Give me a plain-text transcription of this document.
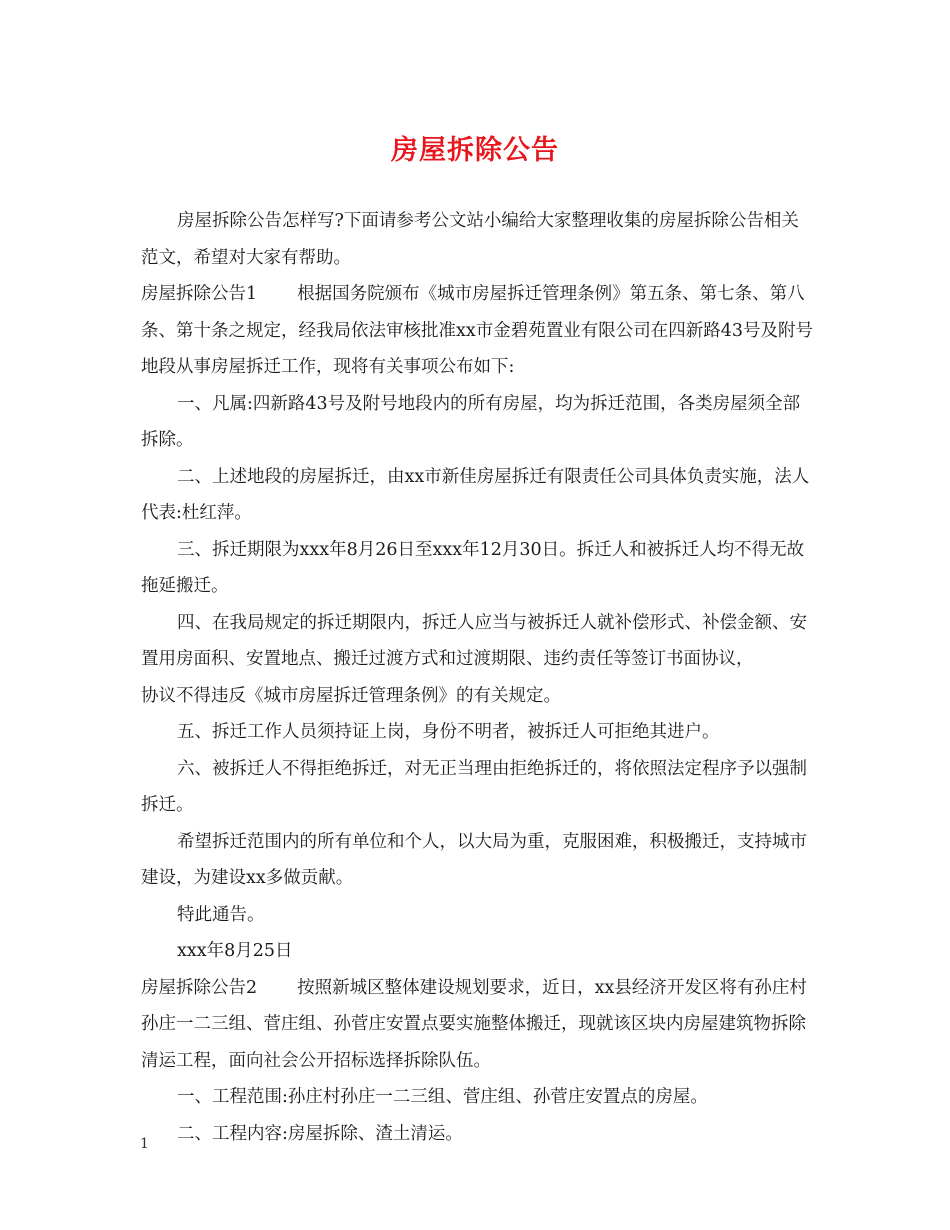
房屋拆除公告

房屋拆除公告怎样写?下面请参考公文站小编给大家整理收集的房屋拆除公告相关范文，希望对大家有帮助。

房屋拆除公告1 根据国务院颁布《城市房屋拆迁管理条例》第五条、第七条、第八条、第十条之规定，经我局依法审核批准xx市金碧苑置业有限公司在四新路43号及附号地段从事房屋拆迁工作，现将有关事项公布如下:

一、凡属:四新路43号及附号地段内的所有房屋，均为拆迁范围，各类房屋须全部拆除。

二、上述地段的房屋拆迁，由xx市新佳房屋拆迁有限责任公司具体负责实施，法人代表:杜红萍。

三、拆迁期限为xxx年8月26日至xxx年12月30日。拆迁人和被拆迁人均不得无故拖延搬迁。

四、在我局规定的拆迁期限内，拆迁人应当与被拆迁人就补偿形式、补偿金额、安置用房面积、安置地点、搬迁过渡方式和过渡期限、违约责任等签订书面协议，

协议不得违反《城市房屋拆迁管理条例》的有关规定。

五、拆迁工作人员须持证上岗，身份不明者，被拆迁人可拒绝其进户。

六、被拆迁人不得拒绝拆迁，对无正当理由拒绝拆迁的，将依照法定程序予以强制拆迁。

希望拆迁范围内的所有单位和个人，以大局为重，克服困难，积极搬迁，支持城市建设，为建设xx多做贡献。

特此通告。

xxx年8月25日

房屋拆除公告2 按照新城区整体建设规划要求，近日，xx县经济开发区将有孙庄村孙庄一二三组、菅庄组、孙菅庄安置点要实施整体搬迁，现就该区块内房屋建筑物拆除清运工程，面向社会公开招标选择拆除队伍。

一、工程范围:孙庄村孙庄一二三组、菅庄组、孙菅庄安置点的房屋。

二、工程内容:房屋拆除、渣土清运。

1
